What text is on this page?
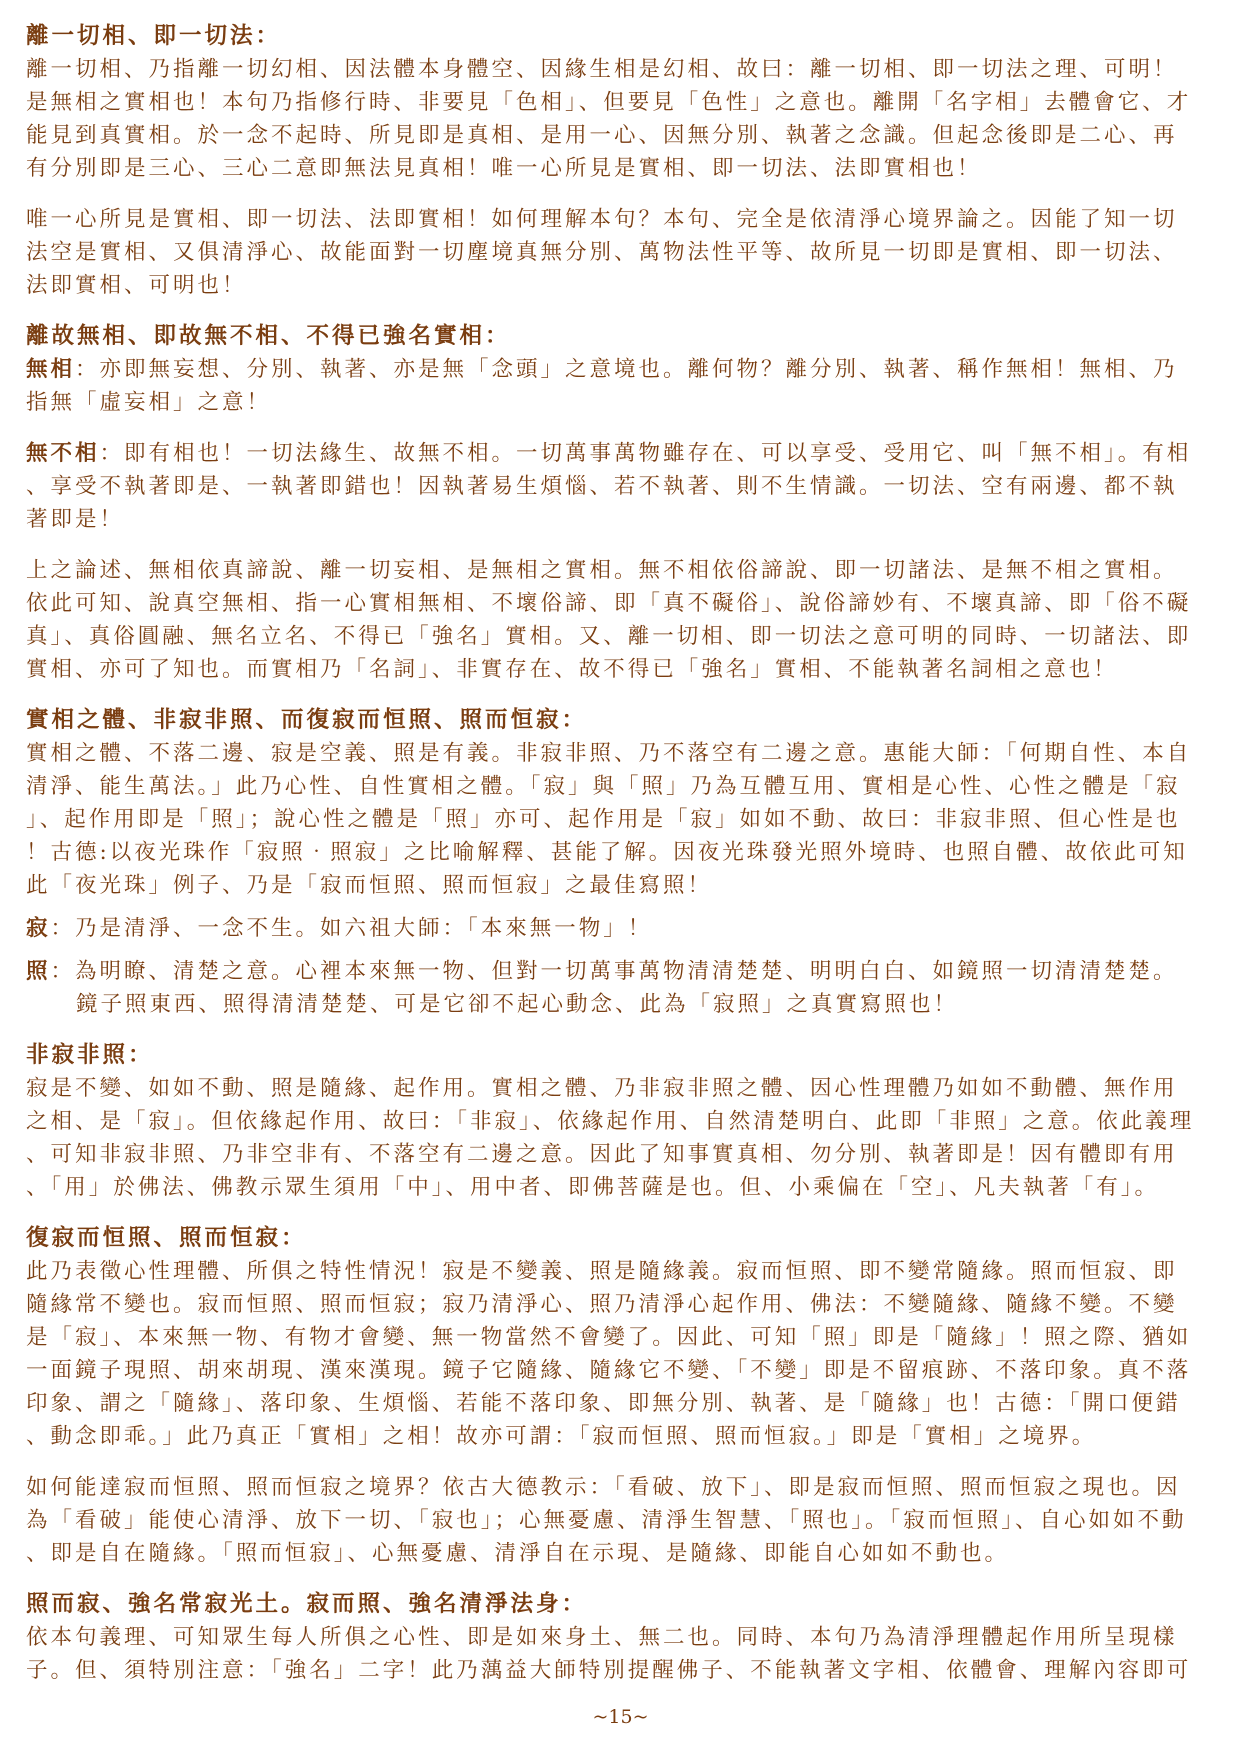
離一切相、即一切法：

離一切相、乃指離一切幻相、因法體本身體空、因緣生相是幻相、故曰：離一切相、即一切法之理、可明！
是無相之實相也！本句乃指修行時、非要見「色相」、但要見「色性」之意也。離開「名字相」去體會它、才
能見到真實相。於一念不起時、所見即是真相、是用一心、因無分別、執著之念識。但起念後即是二心、再
有分別即是三心、三心二意即無法見真相！唯一心所見是實相、即一切法、法即實相也！

唯一心所見是實相、即一切法、法即實相！如何理解本句？本句、完全是依清淨心境界論之。因能了知一切
法空是實相、又俱清淨心、故能面對一切塵境真無分別、萬物法性平等、故所見一切即是實相、即一切法、
法即實相、可明也！

離故無相、即故無不相、不得已強名實相：

無相：亦即無妄想、分別、執著、亦是無「念頭」之意境也。離何物？離分別、執著、稱作無相！無相、乃
指無「虛妄相」之意！

無不相：即有相也！一切法緣生、故無不相。一切萬事萬物雖存在、可以享受、受用它、叫「無不相」。有相
、享受不執著即是、一執著即錯也！因執著易生煩惱、若不執著、則不生情識。一切法、空有兩邊、都不執
著即是！

上之論述、無相依真諦說、離一切妄相、是無相之實相。無不相依俗諦說、即一切諸法、是無不相之實相。
依此可知、說真空無相、指一心實相無相、不壞俗諦、即「真不礙俗」、說俗諦妙有、不壞真諦、即「俗不礙
真」、真俗圓融、無名立名、不得已「強名」實相。又、離一切相、即一切法之意可明的同時、一切諸法、即
實相、亦可了知也。而實相乃「名詞」、非實存在、故不得已「強名」實相、不能執著名詞相之意也！

實相之體、非寂非照、而復寂而恒照、照而恒寂：

實相之體、不落二邊、寂是空義、照是有義。非寂非照、乃不落空有二邊之意。惠能大師：「何期自性、本自
清淨、能生萬法。」此乃心性、自性實相之體。「寂」與「照」乃為互體互用、實相是心性、心性之體是「寂
」、起作用即是「照」；說心性之體是「照」亦可、起作用是「寂」如如不動、故曰：非寂非照、但心性是也
！古德:以夜光珠作「寂照‧照寂」之比喻解釋、甚能了解。因夜光珠發光照外境時、也照自體、故依此可知
此「夜光珠」例子、乃是「寂而恒照、照而恒寂」之最佳寫照！

寂：乃是清淨、一念不生。如六祖大師：「本來無一物」！

照：為明瞭、清楚之意。心裡本來無一物、但對一切萬事萬物清清楚楚、明明白白、如鏡照一切清清楚楚。
鏡子照東西、照得清清楚楚、可是它卻不起心動念、此為「寂照」之真實寫照也！

非寂非照：

寂是不變、如如不動、照是隨緣、起作用。實相之體、乃非寂非照之體、因心性理體乃如如不動體、無作用
之相、是「寂」。但依緣起作用、故曰：「非寂」、依緣起作用、自然清楚明白、此即「非照」之意。依此義理
、可知非寂非照、乃非空非有、不落空有二邊之意。因此了知事實真相、勿分別、執著即是！因有體即有用
、「用」於佛法、佛教示眾生須用「中」、用中者、即佛菩薩是也。但、小乘偏在「空」、凡夫執著「有」。

復寂而恒照、照而恒寂：

此乃表徵心性理體、所俱之特性情況！寂是不變義、照是隨緣義。寂而恒照、即不變常隨緣。照而恒寂、即
隨緣常不變也。寂而恒照、照而恒寂；寂乃清淨心、照乃清淨心起作用、佛法：不變隨緣、隨緣不變。不變
是「寂」、本來無一物、有物才會變、無一物當然不會變了。因此、可知「照」即是「隨緣」！照之際、猶如
一面鏡子現照、胡來胡現、漢來漢現。鏡子它隨緣、隨緣它不變、「不變」即是不留痕跡、不落印象。真不落
印象、謂之「隨緣」、落印象、生煩惱、若能不落印象、即無分別、執著、是「隨緣」也！古德：「開口便錯
、動念即乖。」此乃真正「實相」之相！故亦可謂：「寂而恒照、照而恒寂。」即是「實相」之境界。

如何能達寂而恒照、照而恒寂之境界？依古大德教示：「看破、放下」、即是寂而恒照、照而恒寂之現也。因
為「看破」能使心清淨、放下一切、「寂也」；心無憂慮、清淨生智慧、「照也」。「寂而恒照」、自心如如不動
、即是自在隨緣。「照而恒寂」、心無憂慮、清淨自在示現、是隨緣、即能自心如如不動也。

照而寂、強名常寂光土。寂而照、強名清淨法身：

依本句義理、可知眾生每人所俱之心性、即是如來身土、無二也。同時、本句乃為清淨理體起作用所呈現樣
子。但、須特別注意：「強名」二字！此乃蕅益大師特別提醒佛子、不能執著文字相、依體會、理解內容即可

~15~
